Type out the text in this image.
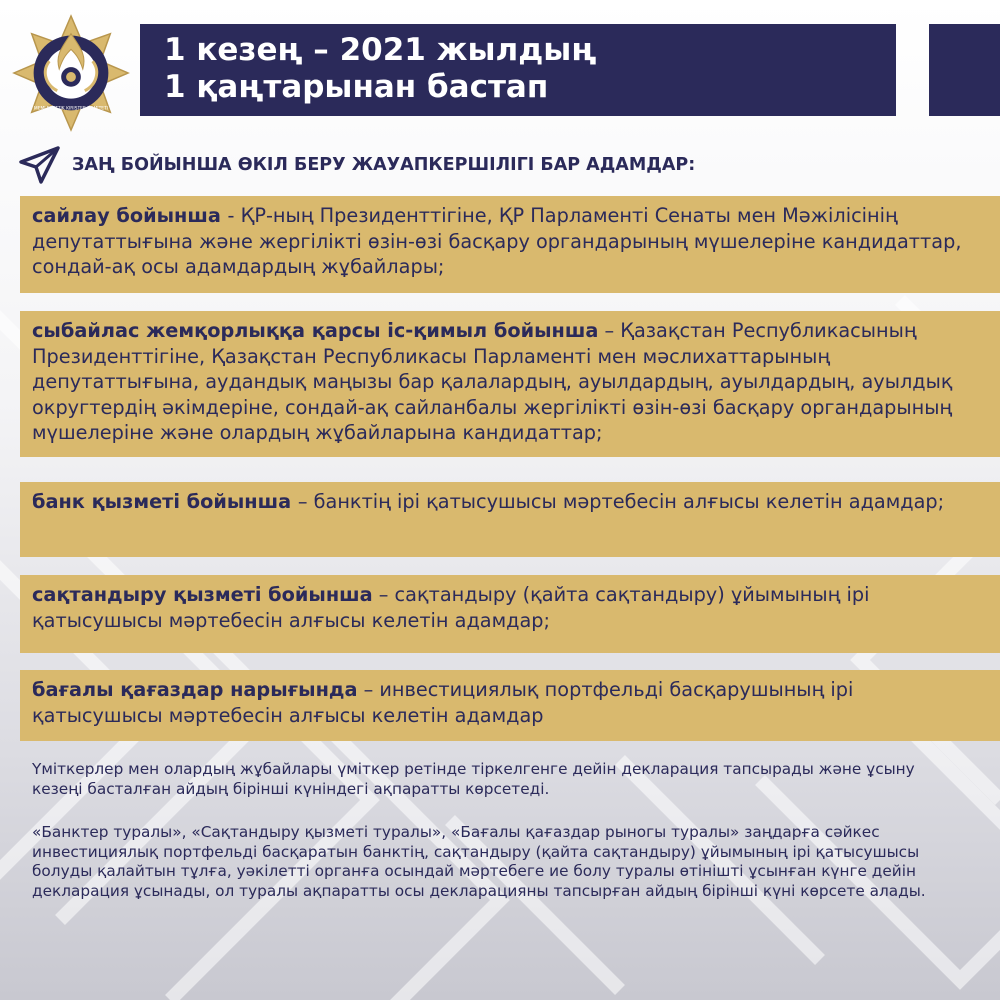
MEMLEKETTIK KIRISTER KOMITETI
1 кезең – 2021 жылдың
1 қаңтарынан бастап
ЗАҢ БОЙЫНША ӨКІЛ БЕРУ ЖАУАПКЕРШІЛІГІ БАР АДАМДАР:
сайлау бойынша - ҚР-ның Президенттігіне, ҚР Парламенті Сенаты мен Мәжілісінің депутаттығына және жергілікті өзін-өзі басқару органдарының мүшелеріне кандидаттар, сондай-ақ осы адамдардың жұбайлары;
сыбайлас жемқорлыққа қарсы іс-қимыл бойынша – Қазақстан Республикасының Президенттігіне, Қазақстан Республикасы Парламенті мен мәслихаттарының депутаттығына, аудандық маңызы бар қалалардың, ауылдардың, ауылдардың, ауылдық округтердің әкімдеріне, сондай-ақ сайланбалы жергілікті өзін-өзі басқару органдарының мүшелеріне және олардың жұбайларына кандидаттар;
банк қызметі бойынша – банктің ірі қатысушысы мәртебесін алғысы келетін адамдар;
сақтандыру қызметі бойынша – сақтандыру (қайта сақтандыру) ұйымының ірі қатысушысы мәртебесін алғысы келетін адамдар;
бағалы қағаздар нарығында – инвестициялық портфельді басқарушының ірі қатысушысы мәртебесін алғысы келетін адамдар
Үміткерлер мен олардың жұбайлары үміткер ретінде тіркелгенге дейін декларация тапсырады және ұсыну кезеңі басталған айдың бірінші күніндегі ақпаратты көрсетеді.
«Банктер туралы», «Сақтандыру қызметі туралы», «Бағалы қағаздар рыногы туралы» заңдарға сәйкес инвестициялық портфельді басқаратын банктің, сақтандыру (қайта сақтандыру) ұйымының ірі қатысушысы болуды қалайтын тұлға, уәкілетті органға осындай мәртебеге ие болу туралы өтінішті ұсынған күнге дейін декларация ұсынады, ол туралы ақпаратты осы декларацияны тапсырған айдың бірінші күні көрсете алады.
